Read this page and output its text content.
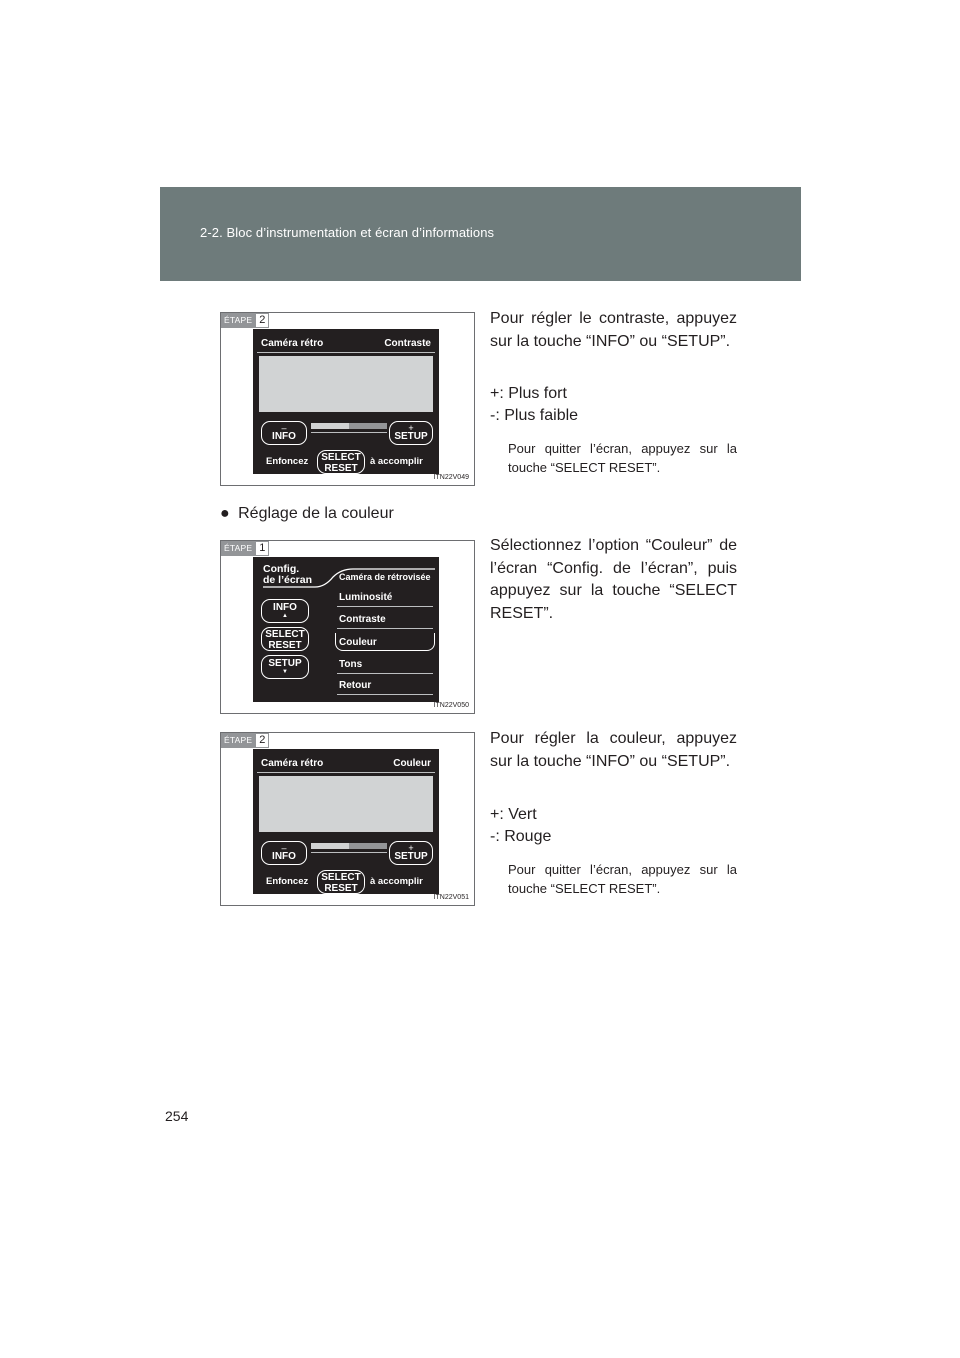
2-2. Bloc d’instrumentation et écran d’informations
ÉTAPE 2
Caméra rétro	Contraste
–
INFO
+
SETUP
Enfoncez	SELECT
RESET
à accomplir
ITN22V049
Pour régler le contraste, appuyez sur la touche “INFO” ou “SETUP”.
+: Plus fort
-: Plus faible
Pour quitter l’écran, appuyez sur la touche “SELECT RESET”.
● Réglage de la couleur
ÉTAPE 1
Config.
de l’écran	Caméra de rétrovisée
INFO
▲
SELECT
RESET
SETUP
▼
Luminosité
Contraste
Couleur
Tons
Retour
ITN22V050
Sélectionnez l’option “Couleur” de l’écran “Config. de l’écran”, puis appuyez sur la touche “SELECT RESET”.
ÉTAPE 2
Caméra rétro	Couleur
–
INFO
+
SETUP
Enfoncez	SELECT
RESET
à accomplir
ITN22V051
Pour régler la couleur, appuyez sur la touche “INFO” ou “SETUP”.
+: Vert
-: Rouge
Pour quitter l’écran, appuyez sur la touche “SELECT RESET”.
254
